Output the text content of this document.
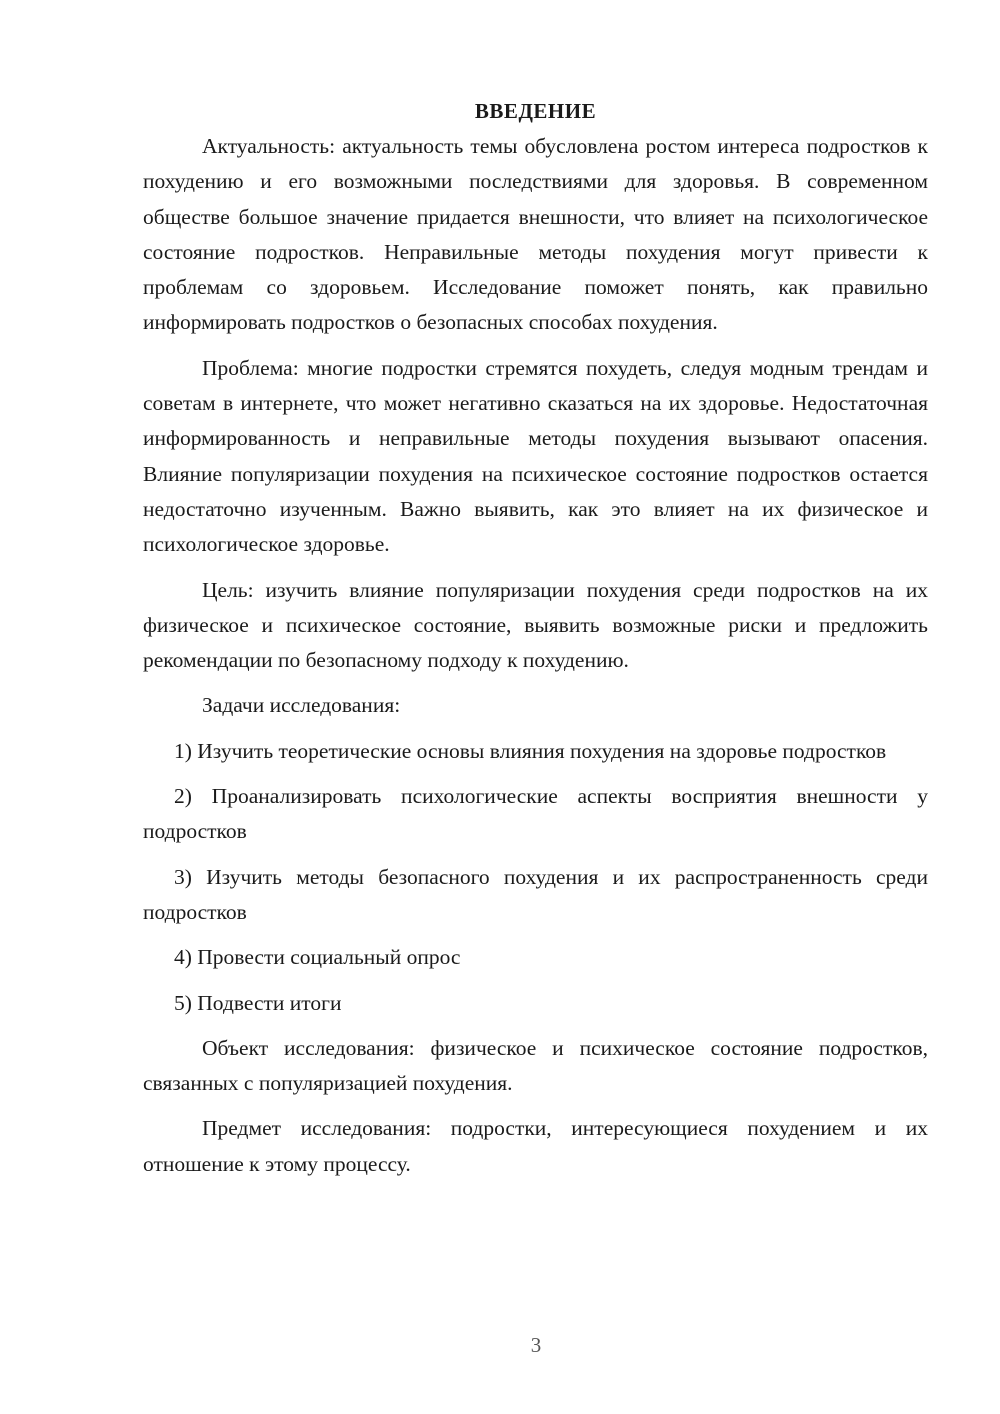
ВВЕДЕНИЕ

Актуальность: актуальность темы обусловлена ростом интереса подростков к похудению и его возможными последствиями для здоровья. В современном обществе большое значение придается внешности, что влияет на психологическое состояние подростков. Неправильные методы похудения могут привести к проблемам со здоровьем. Исследование поможет понять, как правильно информировать подростков о безопасных способах похудения.

Проблема: многие подростки стремятся похудеть, следуя модным трендам и советам в интернете, что может негативно сказаться на их здоровье. Недостаточная информированность и неправильные методы похудения вызывают опасения. Влияние популяризации похудения на психическое состояние подростков остается недостаточно изученным. Важно выявить, как это влияет на их физическое и психологическое здоровье.

Цель: изучить влияние популяризации похудения среди подростков на их физическое и психическое состояние, выявить возможные риски и предложить рекомендации по безопасному подходу к похудению.

Задачи исследования:

1) Изучить теоретические основы влияния похудения на здоровье подростков

2) Проанализировать психологические аспекты восприятия внешности у подростков

3) Изучить методы безопасного похудения и их распространенность среди подростков

4) Провести социальный опрос

5) Подвести итоги

Объект исследования: физическое и психическое состояние подростков, связанных с популяризацией похудения.

Предмет исследования: подростки, интересующиеся похудением и их отношение к этому процессу.

3
